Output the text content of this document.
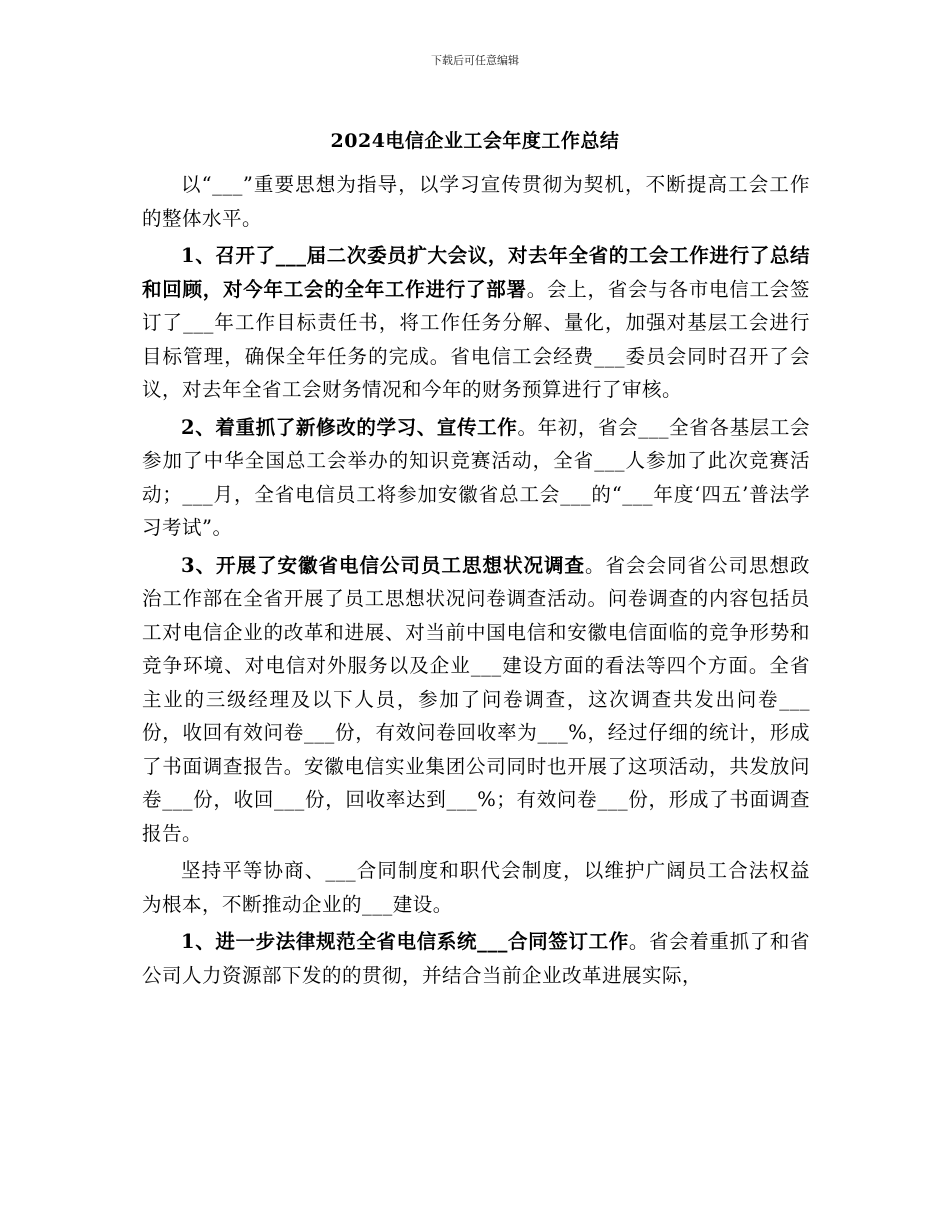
下载后可任意编辑
2024电信企业工会年度工作总结

以“___”重要思想为指导，以学习宣传贯彻为契机，不断提高工会工作的整体水平。

1、召开了___届二次委员扩大会议，对去年全省的工会工作进行了总结和回顾，对今年工会的全年工作进行了部署。会上，省会与各市电信工会签订了___年工作目标责任书，将工作任务分解、量化，加强对基层工会进行目标管理，确保全年任务的完成。省电信工会经费___委员会同时召开了会议，对去年全省工会财务情况和今年的财务预算进行了审核。

2、着重抓了新修改的学习、宣传工作。年初，省会___全省各基层工会参加了中华全国总工会举办的知识竞赛活动，全省___人参加了此次竞赛活动；___月，全省电信员工将参加安徽省总工会___的“___年度‘四五’普法学习考试”。

3、开展了安徽省电信公司员工思想状况调查。省会会同省公司思想政治工作部在全省开展了员工思想状况问卷调查活动。问卷调查的内容包括员工对电信企业的改革和进展、对当前中国电信和安徽电信面临的竞争形势和竞争环境、对电信对外服务以及企业___建设方面的看法等四个方面。全省主业的三级经理及以下人员，参加了问卷调查，这次调查共发出问卷___份，收回有效问卷___份，有效问卷回收率为___%，经过仔细的统计，形成了书面调查报告。安徽电信实业集团公司同时也开展了这项活动，共发放问卷___份，收回___份，回收率达到___%；有效问卷___份，形成了书面调查报告。

坚持平等协商、___合同制度和职代会制度，以维护广阔员工合法权益为根本，不断推动企业的___建设。

1、进一步法律规范全省电信系统___合同签订工作。省会着重抓了和省公司人力资源部下发的的贯彻，并结合当前企业改革进展实际，
